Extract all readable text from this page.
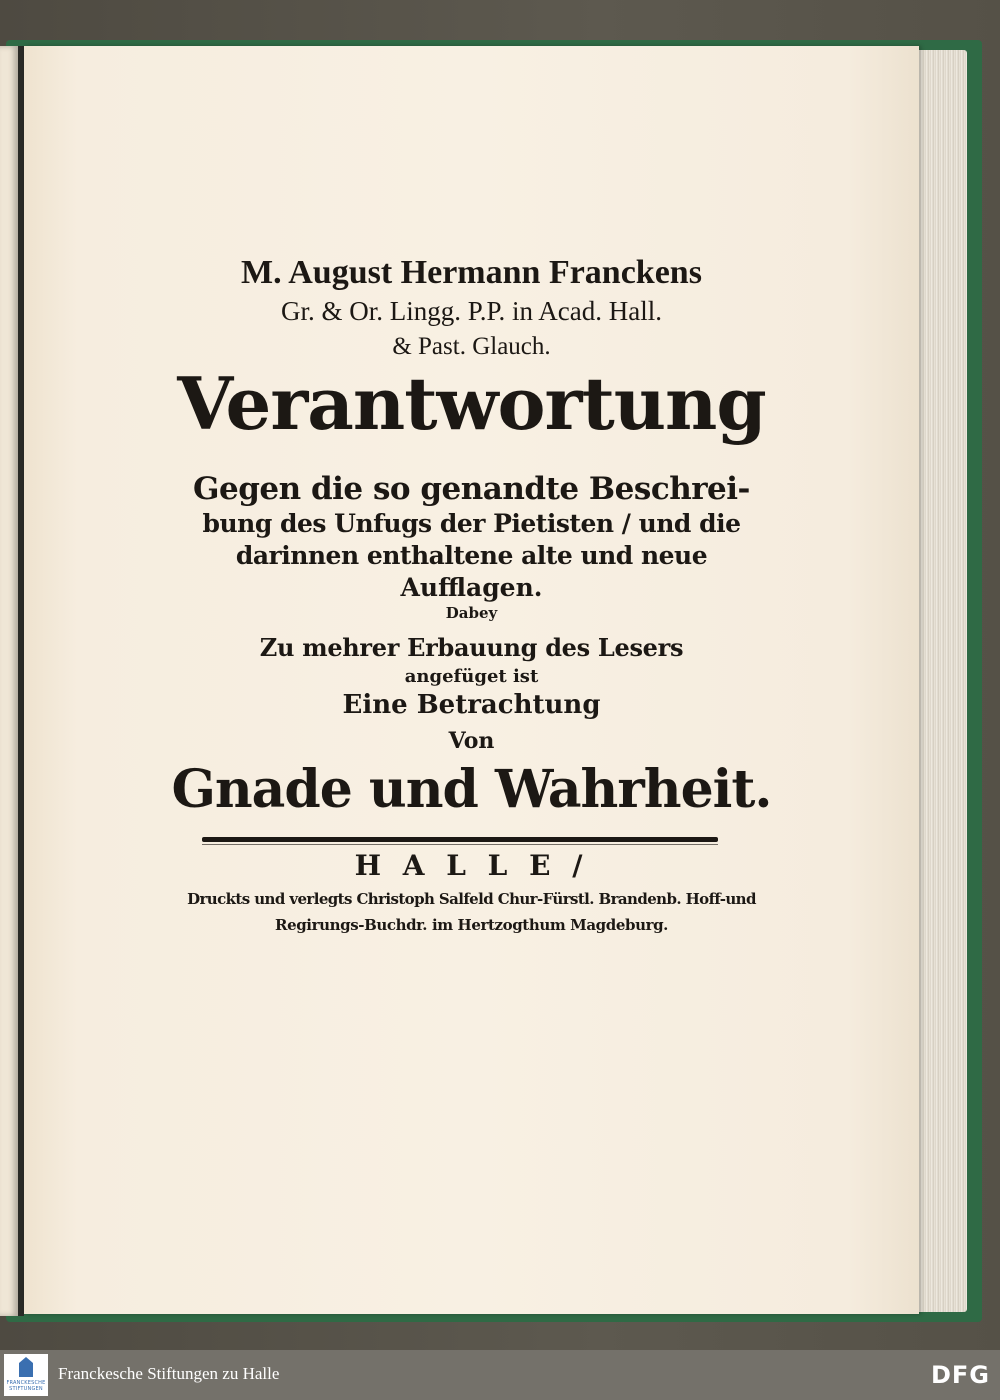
M. August Hermann Franckens
Gr. & Or. Lingg. P.P. in Acad. Hall.
& Past. Glauch.
Verantwortung
Gegen die so genandte Beschrei-
bung des Unfugs der Pietisten / und die
darinnen enthaltene alte und neue
Aufflagen.
Dabey
Zu mehrer Erbauung des Lesers
angefüget ist
Eine Betrachtung
Von
Gnade und Wahrheit.
H A L L E /
Druckts und verlegts Christoph Salfeld Chur-Fürstl. Brandenb. Hoff-und
Regirungs-Buchdr. im Hertzogthum Magdeburg.
FRANCKESCHE
STIFTUNGEN
Franckesche Stiftungen zu Halle	DFG
